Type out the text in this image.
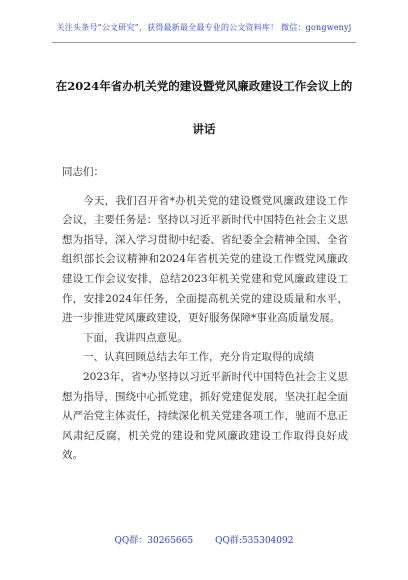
关注头条号“公文研究”，获得最新最全最专业的公文资料库！ 微信：gongwenyj
在2024年省办机关党的建设暨党风廉政建设工作会议上的
讲话

同志们：

今天，我们召开省*办机关党的建设暨党风廉政建设工作会议，主要任务是：坚持以习近平新时代中国特色社会主义思想为指导，深入学习贯彻中纪委、省纪委全会精神全国、全省组织部长会议精神和2024年省机关党的建设工作暨党风廉政建设工作会议安排，总结2023年机关党建和党风廉政建设工作，安排2024年任务，全面提高机关党的建设质量和水平，进一步推进党风廉政建设，更好服务保障*事业高质量发展。

下面，我讲四点意见。

一、认真回顾总结去年工作，充分肯定取得的成绩

2023年，省*办坚持以习近平新时代中国特色社会主义思想为指导，围绕中心抓党建，抓好党建促发展，坚决扛起全面从严治党主体责任，持续深化机关党建各项工作，驰而不息正风肃纪反腐，机关党的建设和党风廉政建设工作取得良好成效。

QQ群：30265665 QQ群:535304092
